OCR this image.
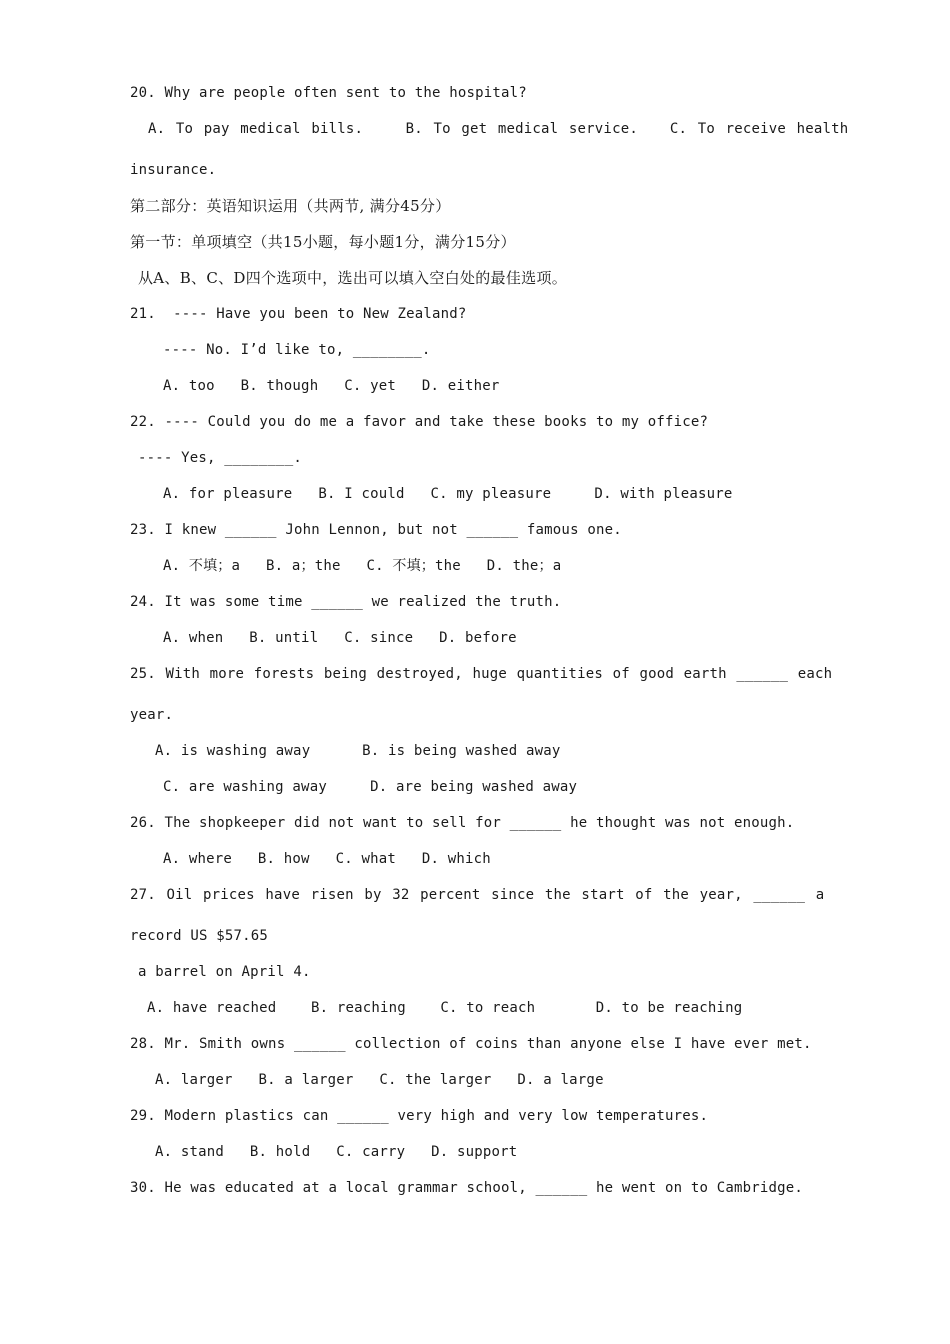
20. Why are people often sent to the hospital?
A. To pay medical bills.    B. To get medical service.   C. To receive health
insurance.
第二部分：英语知识运用（共两节, 满分45分）
第一节：单项填空（共15小题，每小题1分，满分15分）
从A、B、C、D四个选项中，选出可以填入空白处的最佳选项。
21.  ---- Have you been to New Zealand?
---- No. I’d like to, ________.
A. too   B. though   C. yet   D. either
22. ---- Could you do me a favor and take these books to my office?
---- Yes, ________.
A. for pleasure   B. I could   C. my pleasure     D. with pleasure
23. I knew ______ John Lennon, but not ______ famous one.
A. 不填；a   B. a；the   C. 不填；the   D. the；a
24. It was some time ______ we realized the truth.
A. when   B. until   C. since   D. before
25. With more forests being destroyed, huge quantities of good earth ______ each
year.
A. is washing away      B. is being washed away
C. are washing away     D. are being washed away
26. The shopkeeper did not want to sell for ______ he thought was not enough.
A. where   B. how   C. what   D. which
27. Oil prices have risen by 32 percent since the start of the year, ______ a
record US $57.65
a barrel on April 4.
A. have reached    B. reaching    C. to reach       D. to be reaching
28. Mr. Smith owns ______ collection of coins than anyone else I have ever met.
A. larger   B. a larger   C. the larger   D. a large
29. Modern plastics can ______ very high and very low temperatures.
A. stand   B. hold   C. carry   D. support
30. He was educated at a local grammar school, ______ he went on to Cambridge.
